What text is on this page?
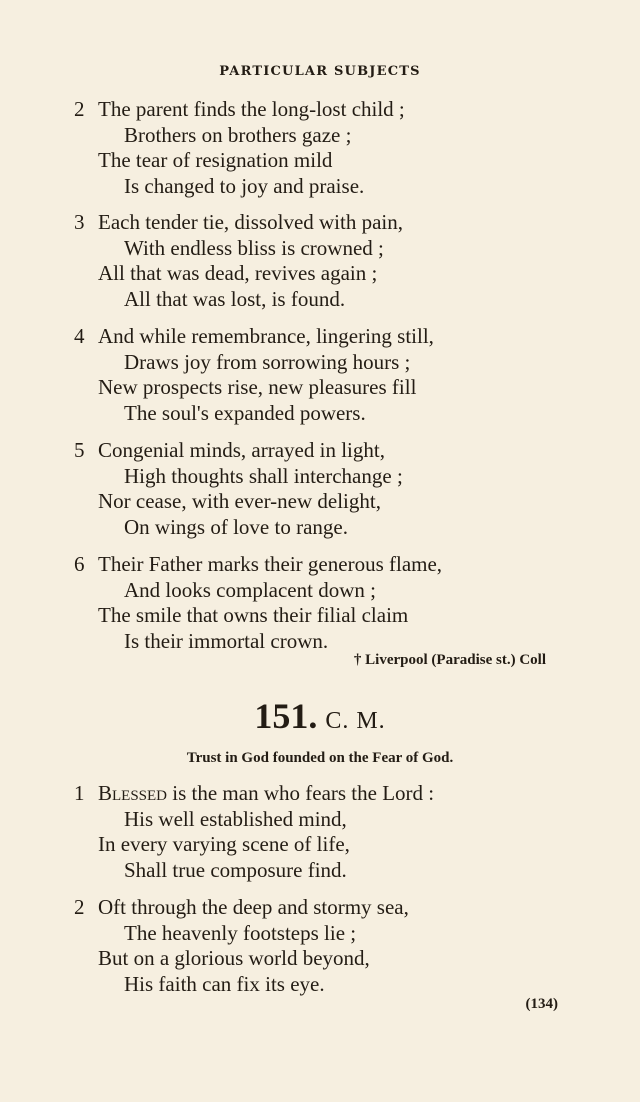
PARTICULAR SUBJECTS
2 The parent finds the long-lost child ;
Brothers on brothers gaze ;
The tear of resignation mild
Is changed to joy and praise.
3 Each tender tie, dissolved with pain,
With endless bliss is crowned ;
All that was dead, revives again ;
All that was lost, is found.
4 And while remembrance, lingering still,
Draws joy from sorrowing hours ;
New prospects rise, new pleasures fill
The soul's expanded powers.
5 Congenial minds, arrayed in light,
High thoughts shall interchange ;
Nor cease, with ever-new delight,
On wings of love to range.
6 Their Father marks their generous flame,
And looks complacent down ;
The smile that owns their filial claim
Is their immortal crown.
† Liverpool (Paradise st.) Coll
151. C. M.
Trust in God founded on the Fear of God.
1 Blessed is the man who fears the Lord :
His well established mind,
In every varying scene of life,
Shall true composure find.
2 Oft through the deep and stormy sea,
The heavenly footsteps lie ;
But on a glorious world beyond,
His faith can fix its eye.
(134)
